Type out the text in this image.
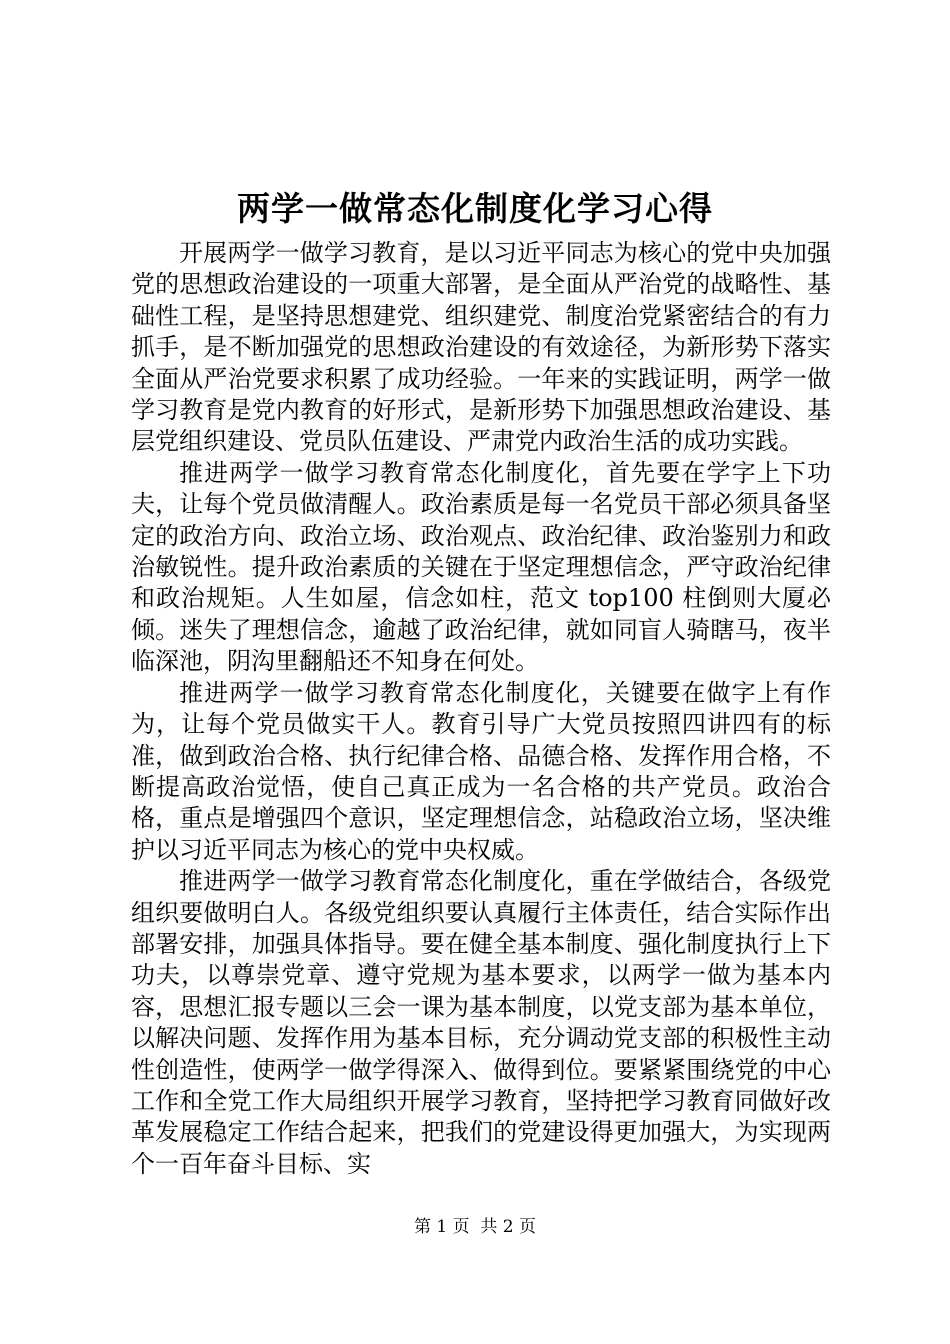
两学一做常态化制度化学习心得

开展两学一做学习教育，是以习近平同志为核心的党中央加强党的思想政治建设的一项重大部署，是全面从严治党的战略性、基础性工程，是坚持思想建党、组织建党、制度治党紧密结合的有力抓手，是不断加强党的思想政治建设的有效途径，为新形势下落实全面从严治党要求积累了成功经验。一年来的实践证明，两学一做学习教育是党内教育的好形式，是新形势下加强思想政治建设、基层党组织建设、党员队伍建设、严肃党内政治生活的成功实践。

推进两学一做学习教育常态化制度化，首先要在学字上下功夫，让每个党员做清醒人。政治素质是每一名党员干部必须具备坚定的政治方向、政治立场、政治观点、政治纪律、政治鉴别力和政治敏锐性。提升政治素质的关键在于坚定理想信念，严守政治纪律和政治规矩。人生如屋，信念如柱，范文 top100 柱倒则大厦必倾。迷失了理想信念，逾越了政治纪律，就如同盲人骑瞎马，夜半临深池，阴沟里翻船还不知身在何处。

推进两学一做学习教育常态化制度化，关键要在做字上有作为，让每个党员做实干人。教育引导广大党员按照四讲四有的标准，做到政治合格、执行纪律合格、品德合格、发挥作用合格，不断提高政治觉悟，使自己真正成为一名合格的共产党员。政治合格，重点是增强四个意识，坚定理想信念，站稳政治立场，坚决维护以习近平同志为核心的党中央权威。

推进两学一做学习教育常态化制度化，重在学做结合，各级党组织要做明白人。各级党组织要认真履行主体责任，结合实际作出部署安排，加强具体指导。要在健全基本制度、强化制度执行上下功夫，以尊崇党章、遵守党规为基本要求，以两学一做为基本内容，思想汇报专题以三会一课为基本制度，以党支部为基本单位，以解决问题、发挥作用为基本目标，充分调动党支部的积极性主动性创造性，使两学一做学得深入、做得到位。要紧紧围绕党的中心工作和全党工作大局组织开展学习教育，坚持把学习教育同做好改革发展稳定工作结合起来，把我们的党建设得更加强大，为实现两个一百年奋斗目标、实

第 1 页  共 2 页
